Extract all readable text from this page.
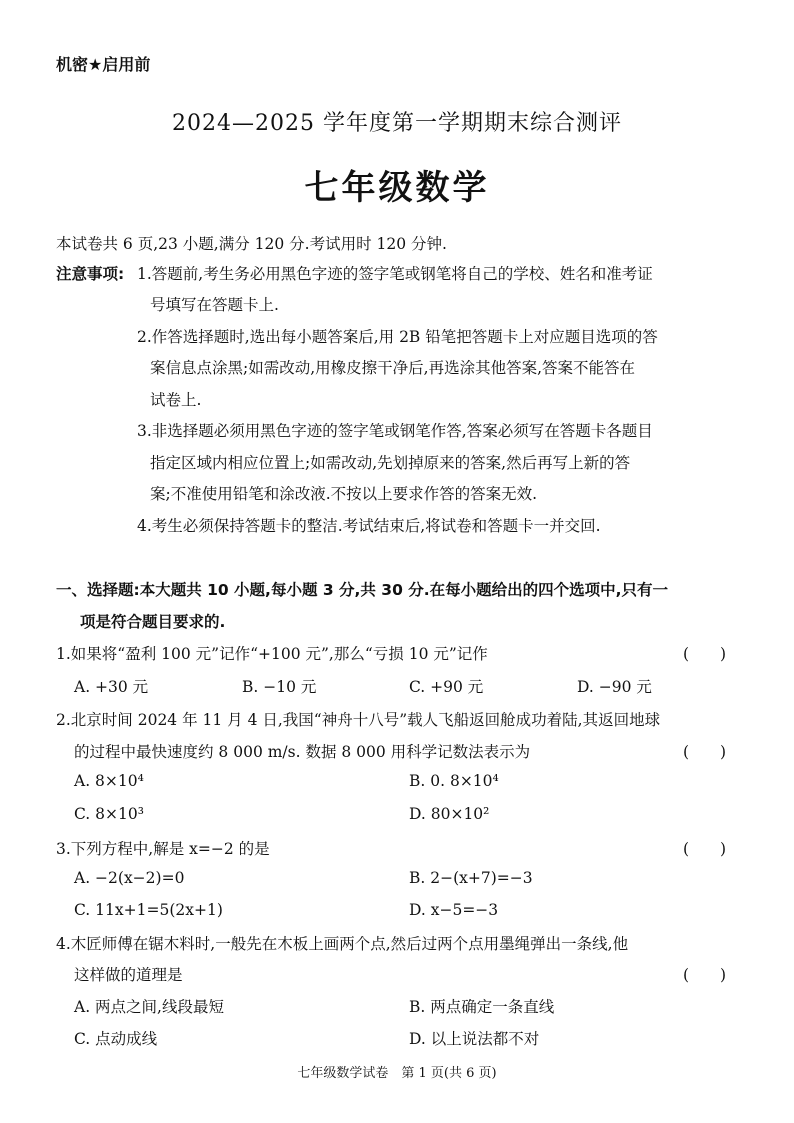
机密★启用前
2024—2025 学年度第一学期期末综合测评
七年级数学
本试卷共 6 页,23 小题,满分 120 分.考试用时 120 分钟.
注意事项: 1.答题前,考生务必用黑色字迹的签字笔或钢笔将自己的学校、姓名和准考证
号填写在答题卡上.
2.作答选择题时,选出每小题答案后,用 2B 铅笔把答题卡上对应题目选项的答
案信息点涂黑;如需改动,用橡皮擦干净后,再选涂其他答案,答案不能答在
试卷上.
3.非选择题必须用黑色字迹的签字笔或钢笔作答,答案必须写在答题卡各题目
指定区域内相应位置上;如需改动,先划掉原来的答案,然后再写上新的答
案;不准使用铅笔和涂改液.不按以上要求作答的答案无效.
4.考生必须保持答题卡的整洁.考试结束后,将试卷和答题卡一并交回.
一、选择题:本大题共 10 小题,每小题 3 分,共 30 分.在每小题给出的四个选项中,只有一
项是符合题目要求的.
1.如果将“盈利 100 元”记作“+100 元”,那么“亏损 10 元”记作	(　　)
A. +30 元	B. −10 元	C. +90 元	D. −90 元
2.北京时间 2024 年 11 月 4 日,我国“神舟十八号”载人飞船返回舱成功着陆,其返回地球
的过程中最快速度约 8 000 m/s. 数据 8 000 用科学记数法表示为	(　　)
A. 8×10⁴	B. 0. 8×10⁴
C. 8×10³	D. 80×10²
3.下列方程中,解是 x=−2 的是	(　　)
A. −2(x−2)=0	B. 2−(x+7)=−3
C. 11x+1=5(2x+1)	D. x−5=−3
4.木匠师傅在锯木料时,一般先在木板上画两个点,然后过两个点用墨绳弹出一条线,他
这样做的道理是	(　　)
A. 两点之间,线段最短	B. 两点确定一条直线
C. 点动成线	D. 以上说法都不对
七年级数学试卷　第 1 页(共 6 页)
